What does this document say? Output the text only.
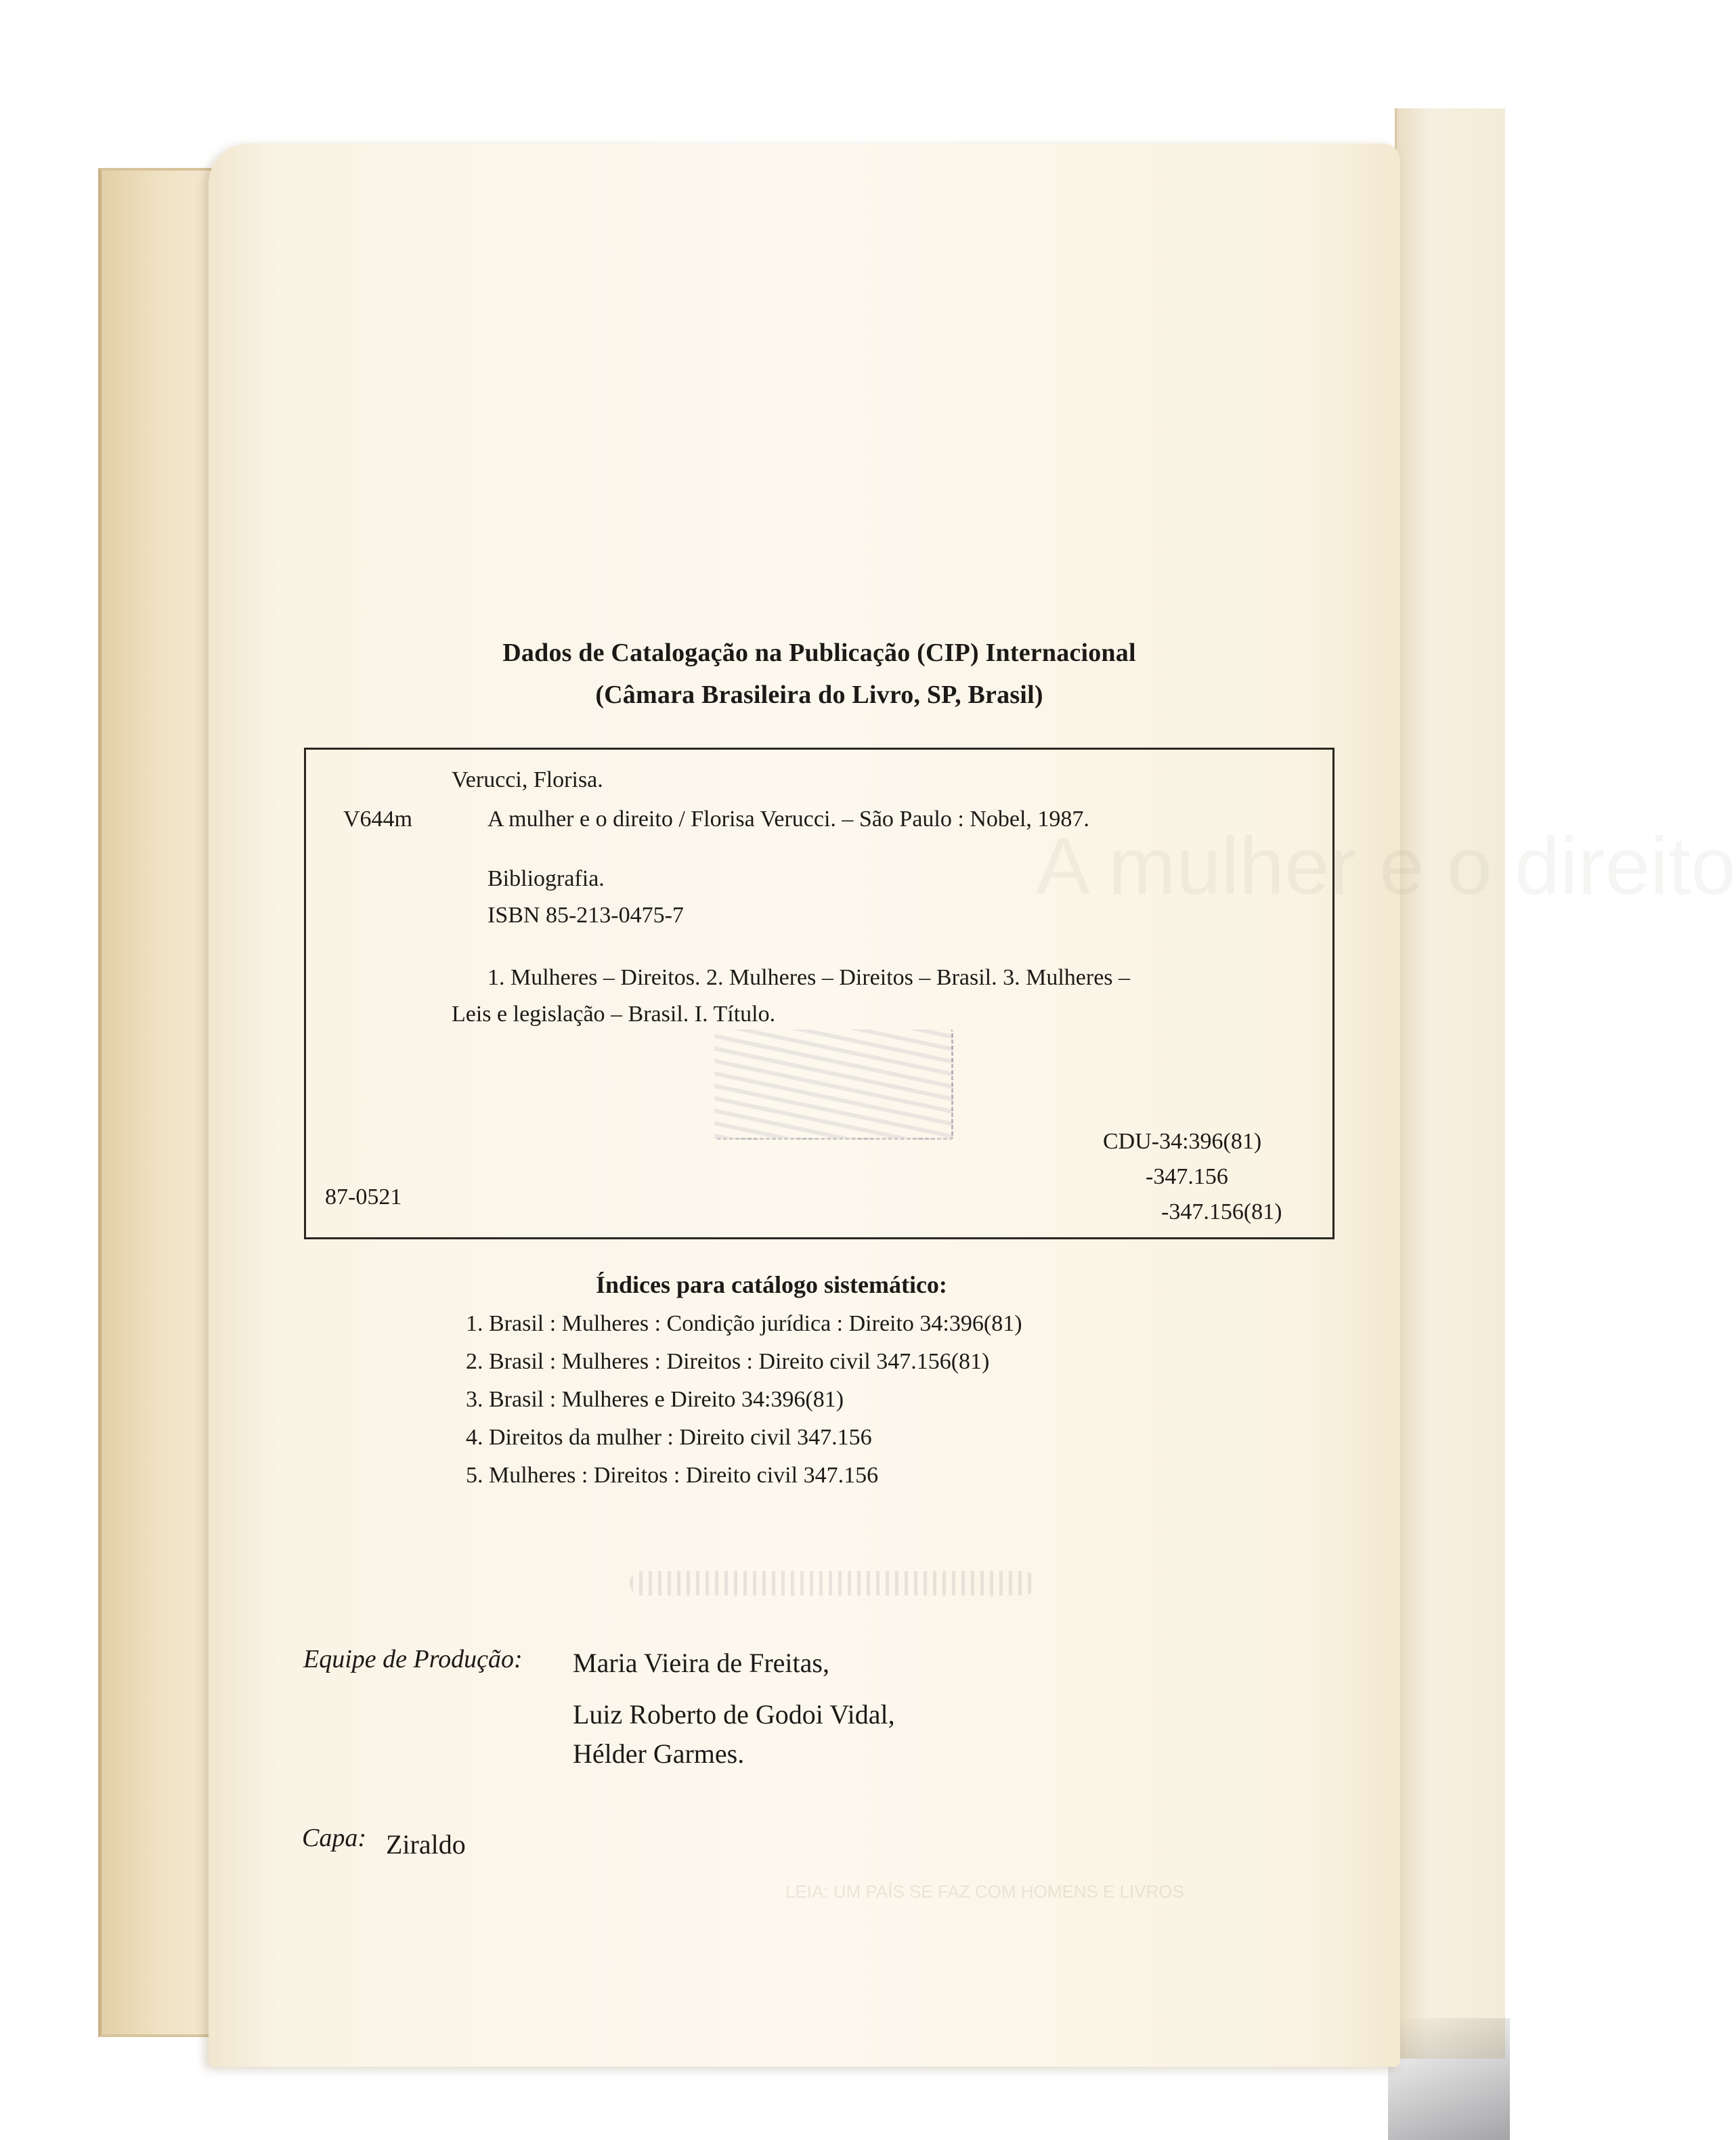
LEIA: UM PAÍS SE FAZ COM HOMENS E LIVROS
Dados de Catalogação na Publicação (CIP) Internacional
(Câmara Brasileira do Livro, SP, Brasil)
A mulher e o direito
Verucci, Florisa.
V644m	A mulher e o direito / Florisa Verucci. – São Paulo : Nobel, 1987.
Bibliografia.
ISBN 85-213-0475-7
1. Mulheres – Direitos. 2. Mulheres – Direitos – Brasil. 3. Mulheres –
Leis e legislação – Brasil. I. Título.
CDU-34:396(81)
-347.156
-347.156(81)
87-0521
Índices para catálogo sistemático:
1. Brasil : Mulheres : Condição jurídica : Direito 34:396(81)
2. Brasil : Mulheres : Direitos : Direito civil 347.156(81)
3. Brasil : Mulheres e Direito 34:396(81)
4. Direitos da mulher : Direito civil 347.156
5. Mulheres : Direitos : Direito civil 347.156
Equipe de Produção: Maria Vieira de Freitas,
Luiz Roberto de Godoi Vidal,
Hélder Garmes.
Capa: Ziraldo
